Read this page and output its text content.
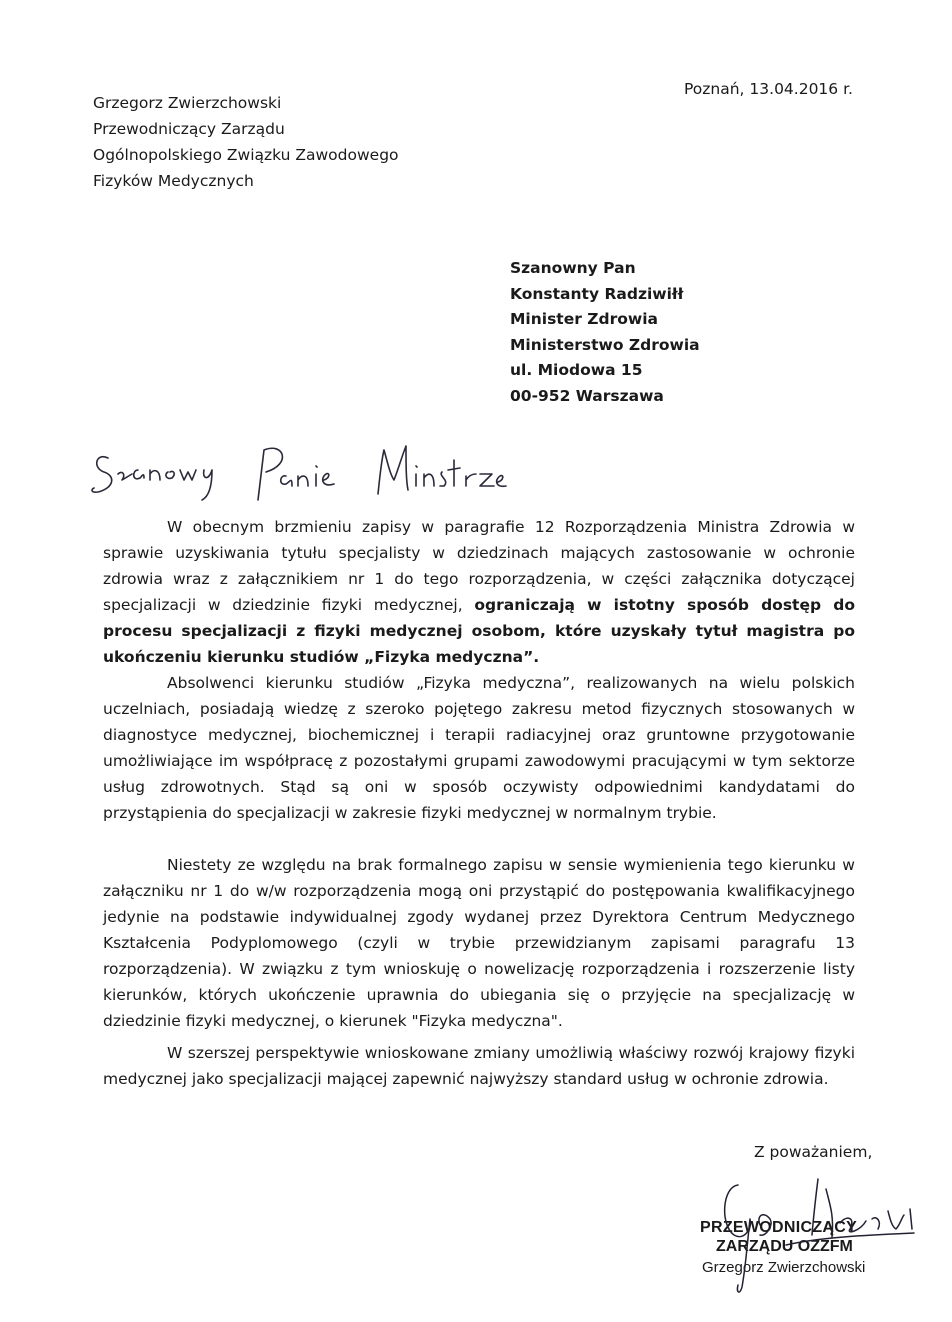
Grzegorz Zwierzchowski
Przewodniczący Zarządu
Ogólnopolskiego Związku Zawodowego
Fizyków Medycznych
Poznań, 13.04.2016 r.
Szanowny Pan
Konstanty Radziwiłł
Minister Zdrowia
Ministerstwo Zdrowia
ul. Miodowa 15
00-952 Warszawa

W obecnym brzmieniu zapisy w paragrafie 12 Rozporządzenia Ministra Zdrowia w sprawie uzyskiwania tytułu specjalisty w dziedzinach mających zastosowanie w ochronie zdrowia wraz z załącznikiem nr 1 do tego rozporządzenia, w części załącznika dotyczącej specjalizacji w dziedzinie fizyki medycznej, ograniczają w istotny sposób dostęp do procesu specjalizacji z fizyki medycznej osobom, które uzyskały tytuł magistra po ukończeniu kierunku studiów „Fizyka medyczna”.

Absolwenci kierunku studiów „Fizyka medyczna”, realizowanych na wielu polskich uczelniach, posiadają wiedzę z szeroko pojętego zakresu metod fizycznych stosowanych w diagnostyce medycznej, biochemicznej i terapii radiacyjnej oraz gruntowne przygotowanie umożliwiające im współpracę z pozostałymi grupami zawodowymi pracującymi w tym sektorze usług zdrowotnych. Stąd są oni w sposób oczywisty odpowiednimi kandydatami do przystąpienia do specjalizacji w zakresie fizyki medycznej w normalnym trybie.

Niestety ze względu na brak formalnego zapisu w sensie wymienienia tego kierunku w załączniku nr 1 do w/w rozporządzenia mogą oni przystąpić do postępowania kwalifikacyjnego jedynie na podstawie indywidualnej zgody wydanej przez Dyrektora Centrum Medycznego Kształcenia Podyplomowego (czyli w trybie przewidzianym zapisami paragrafu 13 rozporządzenia). W związku z tym wnioskuję o nowelizację rozporządzenia i rozszerzenie listy kierunków, których ukończenie uprawnia do ubiegania się o przyjęcie na specjalizację w dziedzinie fizyki medycznej, o kierunek "Fizyka medyczna".

W szerszej perspektywie wnioskowane zmiany umożliwią właściwy rozwój krajowy fizyki medycznej jako specjalizacji mającej zapewnić najwyższy standard usług w ochronie zdrowia.

Z poważaniem,
PRZEWODNICZĄCY
ZARZĄDU OZZFM
Grzegorz Zwierzchowski
